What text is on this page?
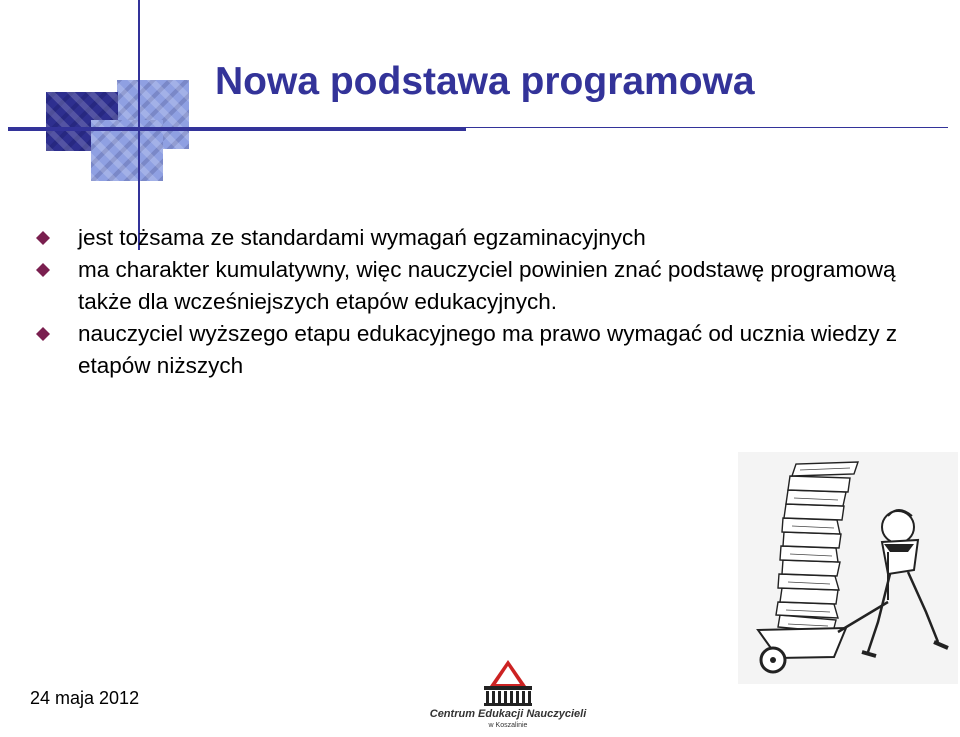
Nowa podstawa programowa
jest tożsama ze standardami wymagań egzaminacyjnych
ma charakter kumulatywny, więc nauczyciel powinien znać podstawę programową także dla wcześniejszych etapów edukacyjnych.
nauczyciel wyższego etapu edukacyjnego ma prawo wymagać od ucznia wiedzy z etapów niższych
Centrum Edukacji Nauczycieli
w Koszalinie
24 maja 2012
